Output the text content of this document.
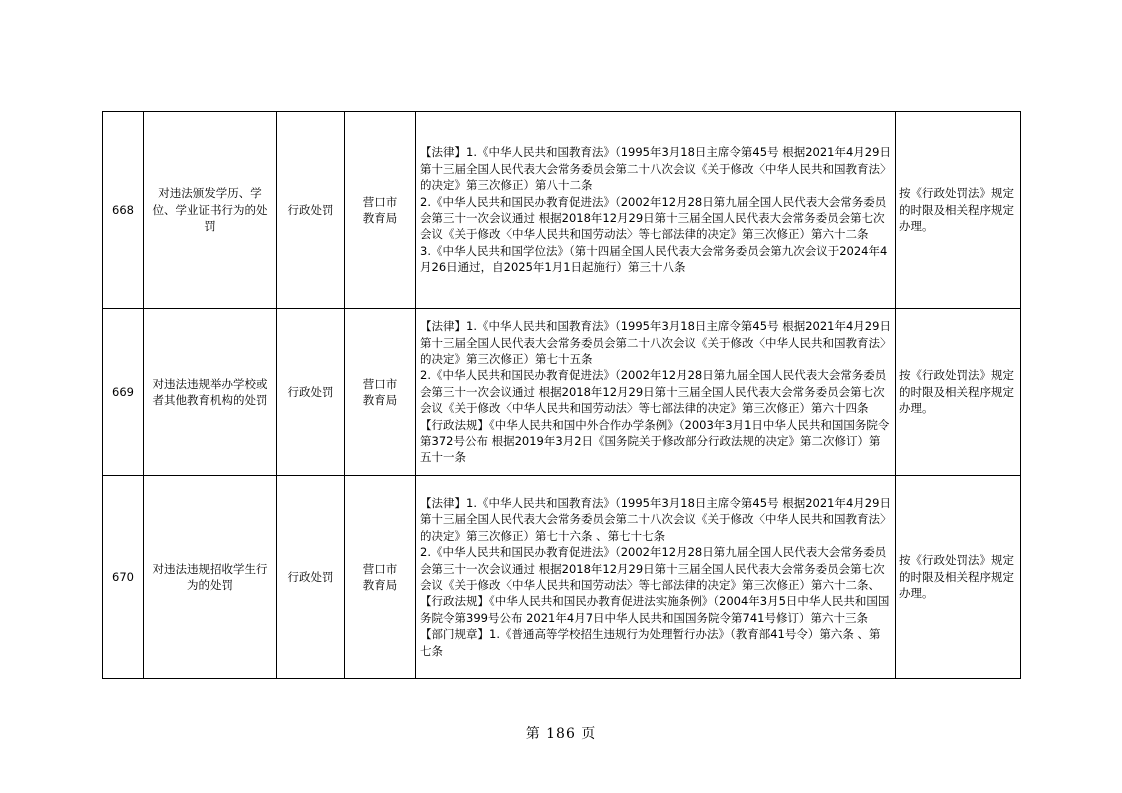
668	对违法颁发学历、学位、学业证书行为的处罚	行政处罚	营口市
教育局	【法律】1.《中华人民共和国教育法》（1995年3月18日主席令第45号 根据2021年4月29日第十三届全国人民代表大会常务委员会第二十八次会议《关于修改〈中华人民共和国教育法〉的决定》第三次修正）第八十二条
2.《中华人民共和国民办教育促进法》（2002年12月28日第九届全国人民代表大会常务委员会第三十一次会议通过 根据2018年12月29日第十三届全国人民代表大会常务委员会第七次会议《关于修改〈中华人民共和国劳动法〉等七部法律的决定》第三次修正）第六十二条
3.《中华人民共和国学位法》（第十四届全国人民代表大会常务委员会第九次会议于2024年4月26日通过，自2025年1月1日起施行）第三十八条	按《行政处罚法》规定的时限及相关程序规定办理。
669	对违法违规举办学校或者其他教育机构的处罚	行政处罚	营口市
教育局	【法律】1.《中华人民共和国教育法》（1995年3月18日主席令第45号 根据2021年4月29日第十三届全国人民代表大会常务委员会第二十八次会议《关于修改〈中华人民共和国教育法〉的决定》第三次修正）第七十五条
2.《中华人民共和国民办教育促进法》（2002年12月28日第九届全国人民代表大会常务委员会第三十一次会议通过 根据2018年12月29日第十三届全国人民代表大会常务委员会第七次会议《关于修改〈中华人民共和国劳动法〉等七部法律的决定》第三次修正）第六十四条
【行政法规】《中华人民共和国中外合作办学条例》（2003年3月1日中华人民共和国国务院令第372号公布 根据2019年3月2日《国务院关于修改部分行政法规的决定》第二次修订）第五十一条	按《行政处罚法》规定的时限及相关程序规定办理。
670	对违法违规招收学生行为的处罚	行政处罚	营口市
教育局	【法律】1.《中华人民共和国教育法》（1995年3月18日主席令第45号 根据2021年4月29日第十三届全国人民代表大会常务委员会第二十八次会议《关于修改〈中华人民共和国教育法〉的决定》第三次修正）第七十六条 、第七十七条
2.《中华人民共和国民办教育促进法》（2002年12月28日第九届全国人民代表大会常务委员会第三十一次会议通过 根据2018年12月29日第十三届全国人民代表大会常务委员会第七次会议《关于修改〈中华人民共和国劳动法〉等七部法律的决定》第三次修正）第六十二条、
【行政法规】《中华人民共和国民办教育促进法实施条例》（2004年3月5日中华人民共和国国务院令第399号公布 2021年4月7日中华人民共和国国务院令第741号修订）第六十三条
【部门规章】1.《普通高等学校招生违规行为处理暂行办法》（教育部41号令）第六条 、第七条	按《行政处罚法》规定的时限及相关程序规定办理。
第 186 页
